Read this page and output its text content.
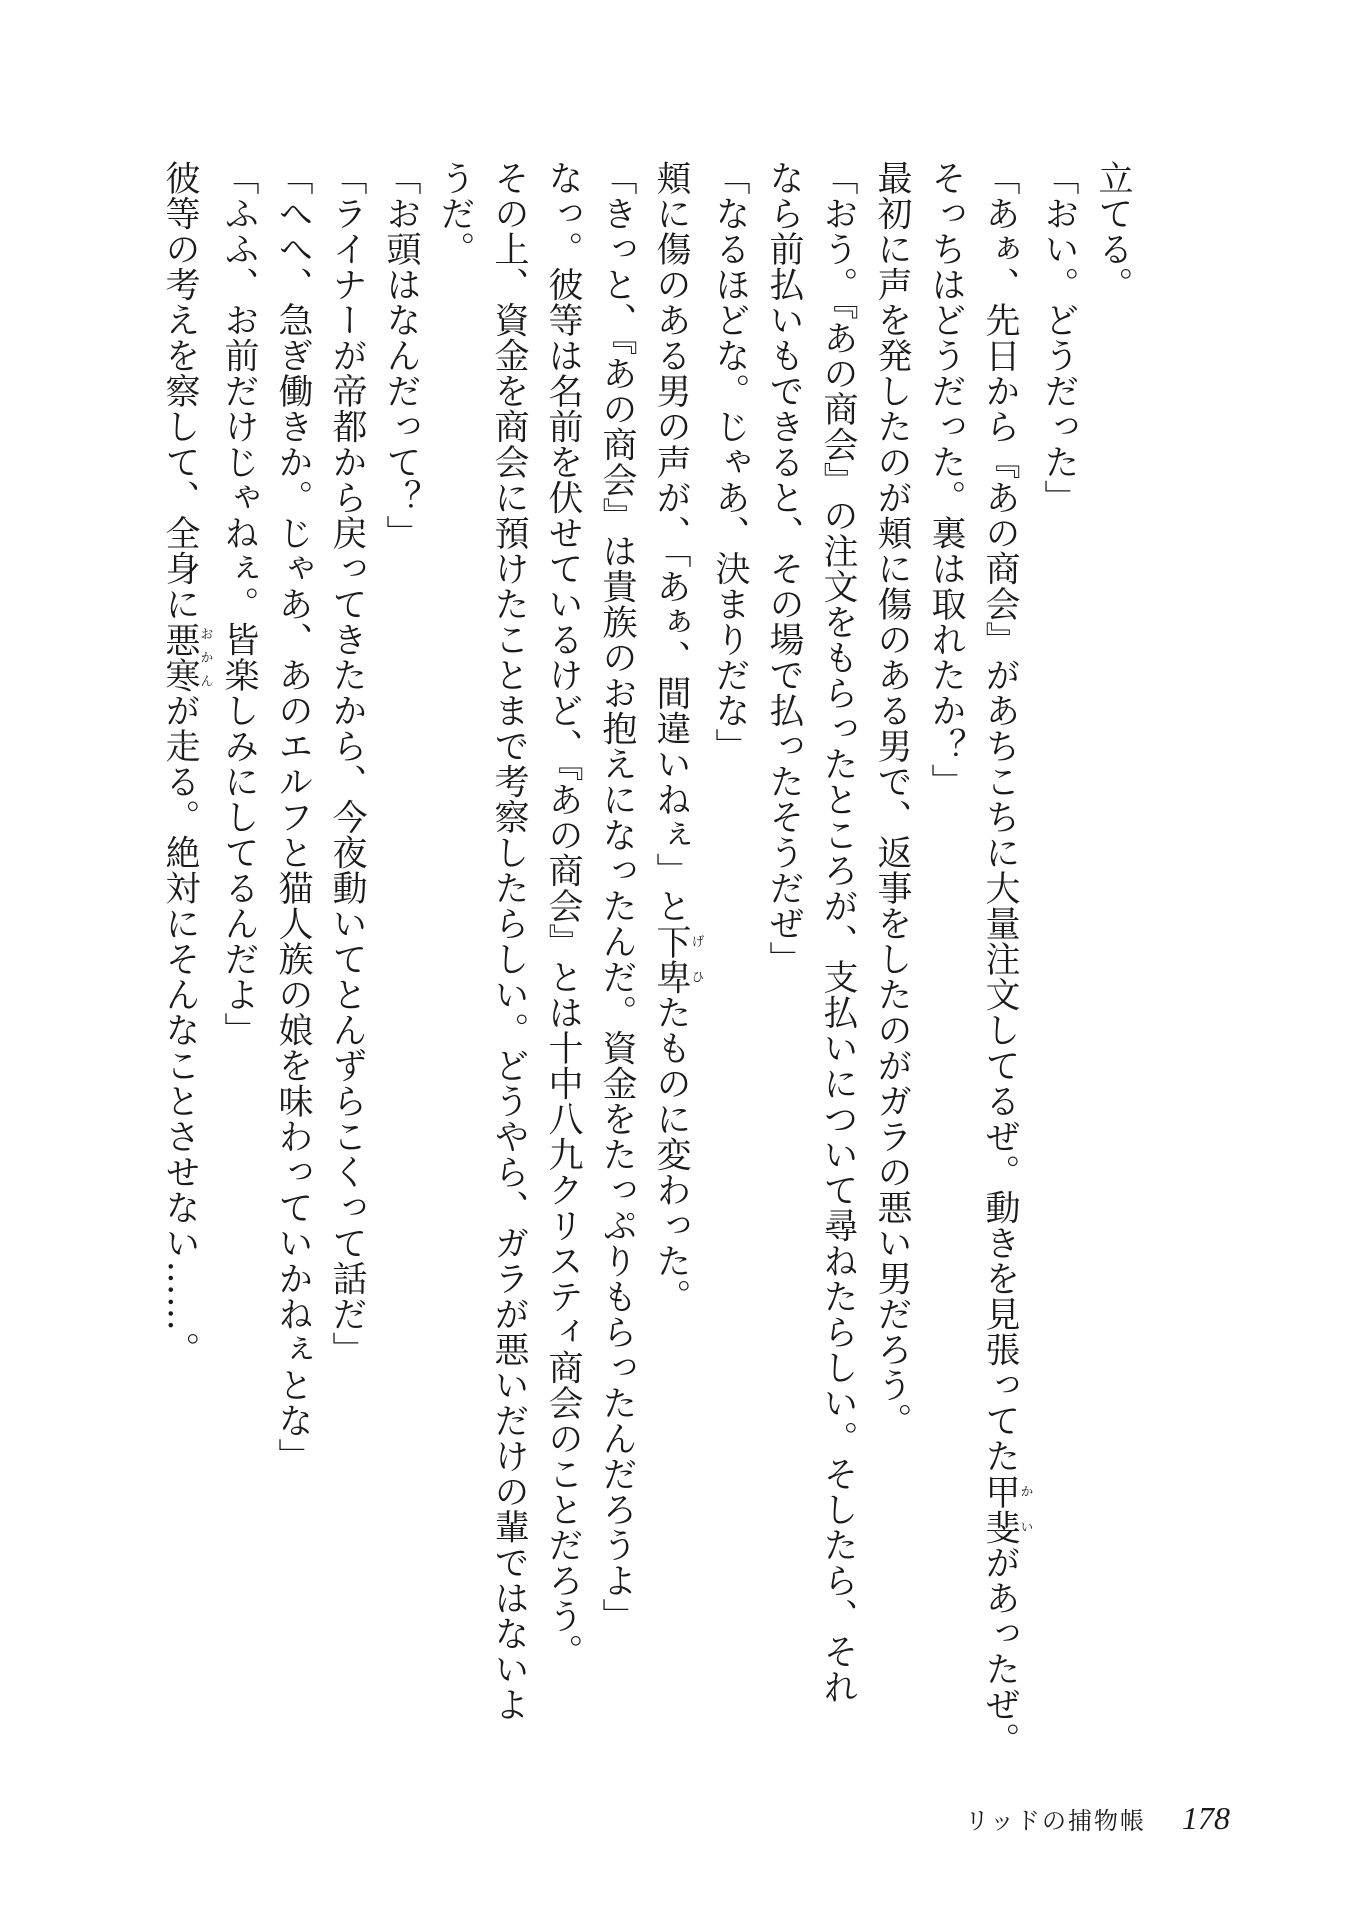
立てる。
「おい。どうだった」
「あぁ、先日から『あの商会』があちこちに大量注文してるぜ。動きを見張ってた甲斐かいがあったぜ。
そっちはどうだった。裏は取れたか？」
最初に声を発したのが頬に傷のある男で、返事をしたのがガラの悪い男だろう。
「おう。『あの商会』の注文をもらったところが、支払いについて尋ねたらしい。そしたら、それ
なら前払いもできると、その場で払ったそうだぜ」
「なるほどな。じゃあ、決まりだな」
頬に傷のある男の声が、「あぁ、間違いねぇ」と下卑げひたものに変わった。
「きっと、『あの商会』は貴族のお抱えになったんだ。資金をたっぷりもらったんだろうよ」
なっ。彼等は名前を伏せているけど、『あの商会』とは十中八九クリスティ商会のことだろう。
その上、資金を商会に預けたことまで考察したらしい。どうやら、ガラが悪いだけの輩ではないよ
うだ。
「お頭はなんだって？」
「ライナーが帝都から戻ってきたから、今夜動いてとんずらこくって話だ」
「へへ、急ぎ働きか。じゃあ、あのエルフと猫人族の娘を味わっていかねぇとな」
「ふふ、お前だけじゃねぇ。皆楽しみにしてるんだよ」
彼等の考えを察して、全身に悪寒おかんが走る。絶対にそんなことさせない……。
リッドの捕物帳 178
